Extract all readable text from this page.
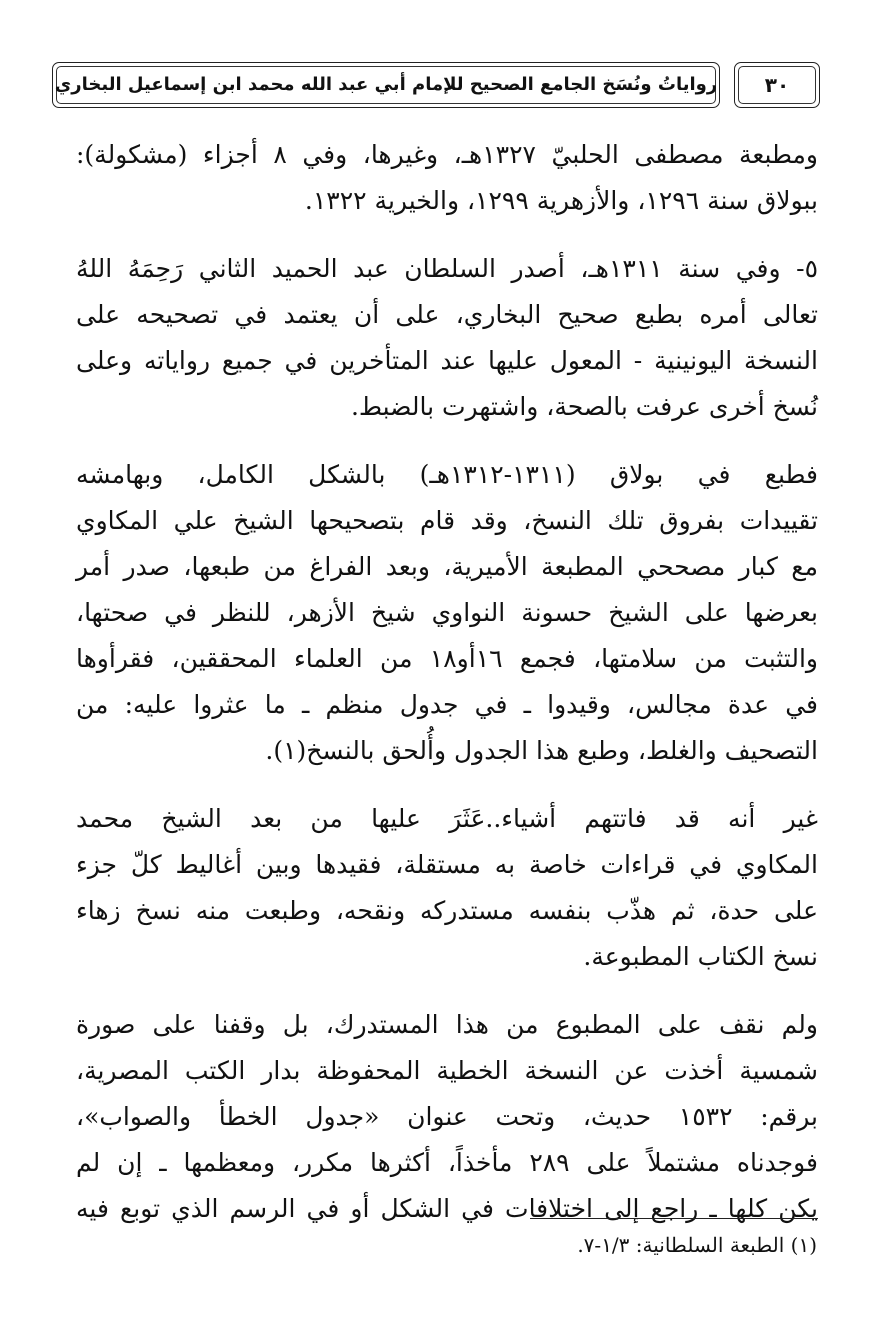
رواياتُ ونُسَخ الجامع الصحيح للإمام أبي عبد الله محمد ابن إسماعيل البخاري	٣٠

ومطبعة مصطفى الحلبيّ ١٣٢٧هـ، وغيرها، وفي ٨ أجزاء (مشكولة):
ببولاق سنة ١٢٩٦، والأزهرية ١٢٩٩، والخيرية ١٣٢٢.

٥- وفي سنة ١٣١١هـ، أصدر السلطان عبد الحميد الثاني رَحِمَهُ اللهُ
تعالى أمره بطبع صحيح البخاري، على أن يعتمد في تصحيحه على
النسخة اليونينية - المعول عليها عند المتأخرين في جميع رواياته وعلى
نُسخ أخرى عرفت بالصحة، واشتهرت بالضبط.

فطبع في بولاق (١٣١١-١٣١٢هـ) بالشكل الكامل، وبهامشه
تقييدات بفروق تلك النسخ، وقد قام بتصحيحها الشيخ علي المكاوي
مع كبار مصححي المطبعة الأميرية، وبعد الفراغ من طبعها، صدر أمر
بعرضها على الشيخ حسونة النواوي شيخ الأزهر، للنظر في صحتها،
والتثبت من سلامتها، فجمع ١٦أو١٨ من العلماء المحققين، فقرأوها
في عدة مجالس، وقيدوا ـ في جدول منظم ـ ما عثروا عليه: من
التصحيف والغلط، وطبع هذا الجدول وأُلحق بالنسخ(١).

غير أنه قد فاتتهم أشياء..عَثَرَ عليها من بعد الشيخ محمد
المكاوي في قراءات خاصة به مستقلة، فقيدها وبين أغاليط كلّ جزء
على حدة، ثم هذّب بنفسه مستدركه ونقحه، وطبعت منه نسخ زهاء
نسخ الكتاب المطبوعة.

ولم نقف على المطبوع من هذا المستدرك، بل وقفنا على صورة
شمسية أخذت عن النسخة الخطية المحفوظة بدار الكتب المصرية،
برقم: ١٥٣٢ حديث، وتحت عنوان «جدول الخطأ والصواب»،
فوجدناه مشتملاً على ٢٨٩ مأخذاً، أكثرها مكرر، ومعظمها ـ إن لم
يكن كلها ـ راجع إلى اختلافات في الشكل أو في الرسم الذي توبع فيه

(١) الطبعة السلطانية: ١/٣-٧.
